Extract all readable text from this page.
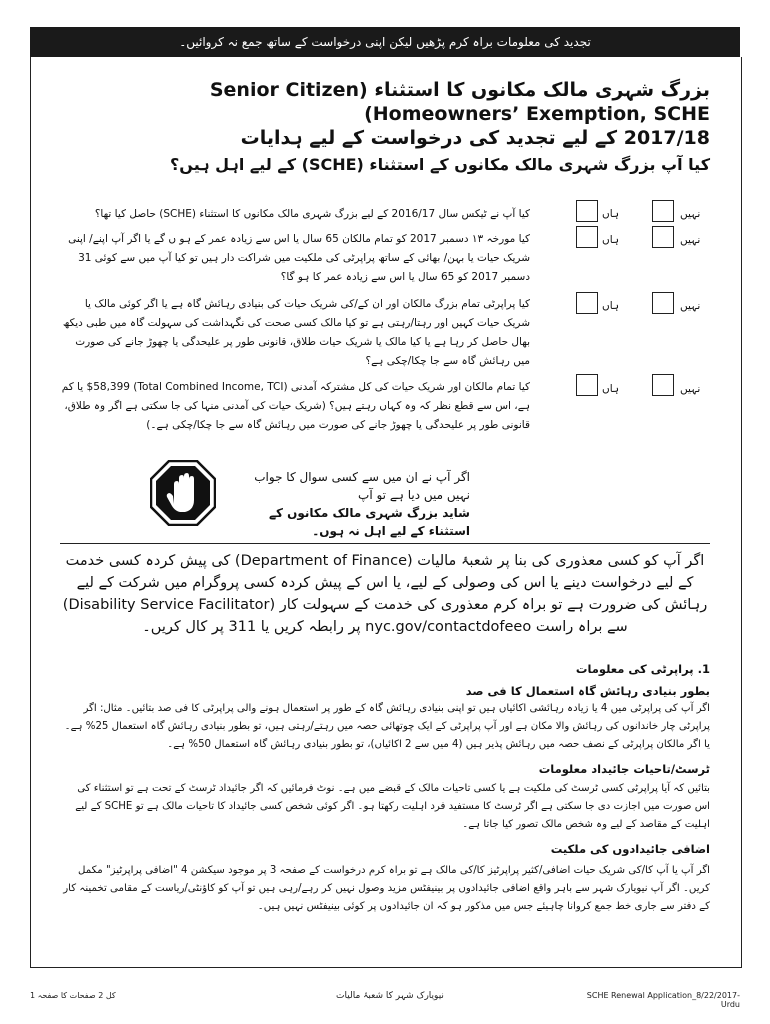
تجدید کی معلومات براہ کرم پڑھیں لیکن اپنی درخواست کے ساتھ جمع نہ کروائیں۔
بزرگ شہری مالک مکانوں کا استثناء (Senior Citizen Homeowners’ Exemption, SCHE)
2017/18 کے لیے تجدید کی درخواست کے لیے ہدایات
کیا آپ بزرگ شہری مالک مکانوں کے استثناء (SCHE) کے لیے اہل ہیں؟
کیا آپ نے ٹیکس سال 2016/17 کے لیے بزرگ شہری مالک مکانوں کا استثناء (SCHE) حاصل کیا تھا؟	ہاں	نہیں
کیا مورخہ ۱۳ دسمبر 2017 کو تمام مالکان 65 سال یا اس سے زیادہ عمر کے ہو ں گے یا اگر آپ اپنے/ اپنی شریک حیات یا بہن/ بھائی کے ساتھ پراپرٹی کی ملکیت میں شراکت دار ہیں تو کیا آپ میں سے کوئی 31 دسمبر 2017 کو 65 سال یا اس سے زیادہ عمر کا ہو گا؟
ہاں	نہیں
کیا پراپرٹی تمام بزرگ مالکان اور ان کے/کی شریک حیات کی بنیادی رہائش گاہ ہے یا اگر کوئی مالک یا شریک حیات کہیں اور رہتا/رہتی ہے تو کیا مالک کسی صحت کی نگہداشت کی سہولت گاہ میں طبی دیکھ بھال حاصل کر رہا ہے یا کیا مالک یا شریک حیات طلاق، قانونی طور پر علیحدگی یا چھوڑ جانے کی صورت میں رہائش گاہ سے جا چکا/چکی ہے؟
ہاں	نہیں
کیا تمام مالکان اور شریک حیات کی کل مشترکہ آمدنی (Total Combined Income, TCI) $58,399 یا کم ہے، اس سے قطع نظر کہ وہ کہاں رہتے ہیں؟ (شریک حیات کی آمدنی منہا کی جا سکتی ہے اگر وہ طلاق، قانونی طور پر علیحدگی یا چھوڑ جانے کی صورت میں رہائش گاہ سے جا چکا/چکی ہے۔)
ہاں	نہیں
اگر آپ نے ان میں سے کسی سوال کا جواب نہیں میں دیا ہے تو آپ
شاید بزرگ شہری مالک مکانوں کے استثناء کے لیے اہل نہ ہوں۔
اگر آپ کو کسی معذوری کی بنا پر شعبۂ مالیات (Department of Finance) کی پیش کردہ کسی خدمت کے لیے درخواست دینے یا اس کی وصولی کے لیے، یا اس کے پیش کردہ کسی پروگرام میں شرکت کے لیے رہائش کی ضرورت ہے تو براہ کرم معذوری کی خدمت کے سہولت کار (Disability Service Facilitator) سے براہ راست nyc.gov/contactdofeeo پر رابطہ کریں یا 311 پر کال کریں۔
1. پراپرٹی کی معلومات
بطور بنیادی رہائش گاہ استعمال کا فی صد
اگر آپ کی پراپرٹی میں 4 یا زیادہ رہائشی اکائیاں ہیں تو اپنی بنیادی رہائش گاہ کے طور پر استعمال ہونے والی پراپرٹی کا فی صد بتائیں۔ مثال: اگر پراپرٹی چار خاندانوں کی رہائش والا مکان ہے اور آپ پراپرٹی کے ایک چوتھائی حصہ میں رہتے/رہتی ہیں، تو بطور بنیادی رہائش گاہ استعمال 25% ہے۔ یا اگر مالکان پراپرٹی کے نصف حصہ میں رہائش پذیر ہیں (4 میں سے 2 اکائیاں)، تو بطور بنیادی رہائش گاہ استعمال 50% ہے۔
ٹرسٹ/تاحیات جائیداد معلومات
بتائیں کہ آیا پراپرٹی کسی ٹرسٹ کی ملکیت ہے یا کسی تاحیات مالک کے قبضے میں ہے۔ نوٹ فرمائیں کہ اگر جائیداد ٹرسٹ کے تحت ہے تو استثناء کی اس صورت میں اجازت دی جا سکتی ہے اگر ٹرسٹ کا مستفید فرد اہلیت رکھتا ہو۔ اگر کوئی شخص کسی جائیداد کا تاحیات مالک ہے تو SCHE کے لیے اہلیت کے مقاصد کے لیے وہ شخص مالک تصور کیا جاتا ہے۔
اضافی جائیدادوں کی ملکیت
اگر آپ یا آپ کا/کی شریک حیات اضافی/کثیر پراپرٹیز کا/کی مالک ہے تو براہ کرم درخواست کے صفحہ 3 پر موجود سیکشن 4 "اضافی پراپرٹیز" مکمل کریں۔ اگر آپ نیویارک شہر سے باہر واقع اضافی جائیدادوں پر بینیفٹس مزید وصول نہیں کر رہے/رہی ہیں تو آپ کو کاؤنٹی/ریاست کے مقامی تخمینہ کار کے دفتر سے جاری خط جمع کروانا چاہیئے جس میں مذکور ہو کہ ان جائیدادوں پر کوئی بینیفٹس نہیں ہیں۔
کل 2 صفحات کا صفحہ 1	نیویارک شہر کا شعبۂ مالیات	SCHE Renewal Application_8/22/2017-Urdu
